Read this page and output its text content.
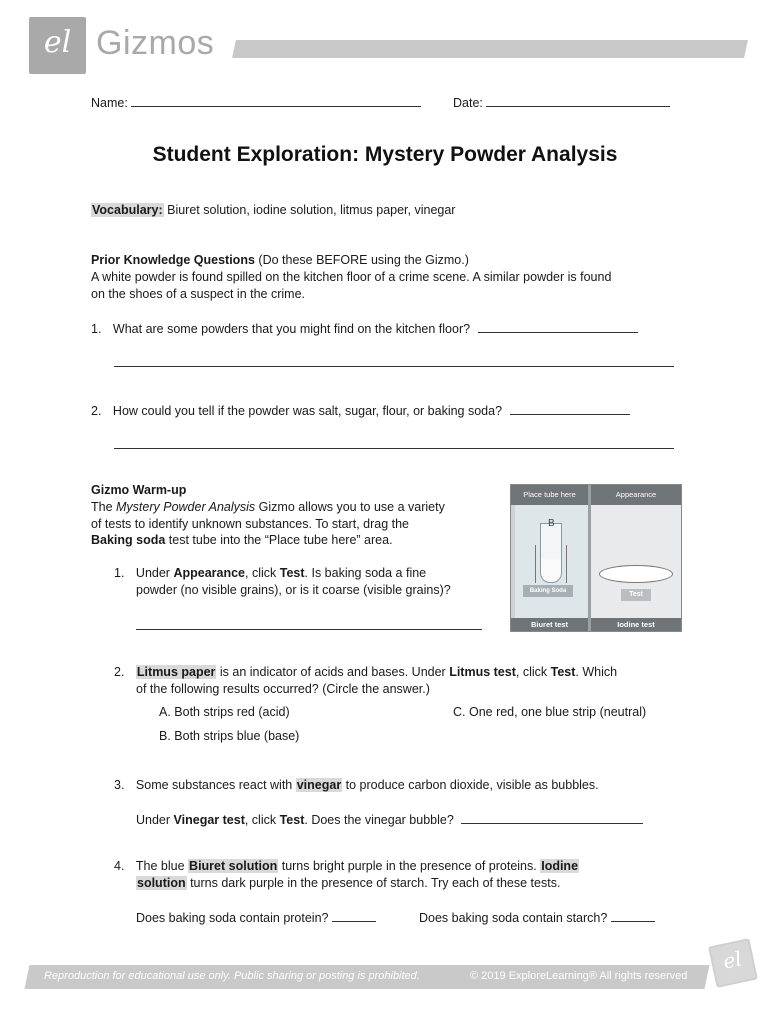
el Gizmos
Name:	Date:
Student Exploration: Mystery Powder Analysis
Vocabulary: Biuret solution, iodine solution, litmus paper, vinegar
Prior Knowledge Questions (Do these BEFORE using the Gizmo.)
A white powder is found spilled on the kitchen floor of a crime scene. A similar powder is found
on the shoes of a suspect in the crime.
1. What are some powders that you might find on the kitchen floor?
2. How could you tell if the powder was salt, sugar, flour, or baking soda?
Gizmo Warm-up
The Mystery Powder Analysis Gizmo allows you to use a variety
of tests to identify unknown substances. To start, drag the
Baking soda test tube into the “Place tube here” area.
Place tube here	Appearance
B
Baking Soda	Test
Biuret test	Iodine test
1. Under Appearance, click Test. Is baking soda a fine
powder (no visible grains), or is it coarse (visible grains)?
2. Litmus paper is an indicator of acids and bases. Under Litmus test, click Test. Which
of the following results occurred? (Circle the answer.)
A. Both strips red (acid)	C. One red, one blue strip (neutral)
B. Both strips blue (base)
3. Some substances react with vinegar to produce carbon dioxide, visible as bubbles.
Under Vinegar test, click Test. Does the vinegar bubble?
4. The blue Biuret solution turns bright purple in the presence of proteins. Iodine
solution turns dark purple in the presence of starch. Try each of these tests.
Does baking soda contain protein?	Does baking soda contain starch?
Reproduction for educational use only. Public sharing or posting is prohibited.	© 2019 ExploreLearning® All rights reserved
el
